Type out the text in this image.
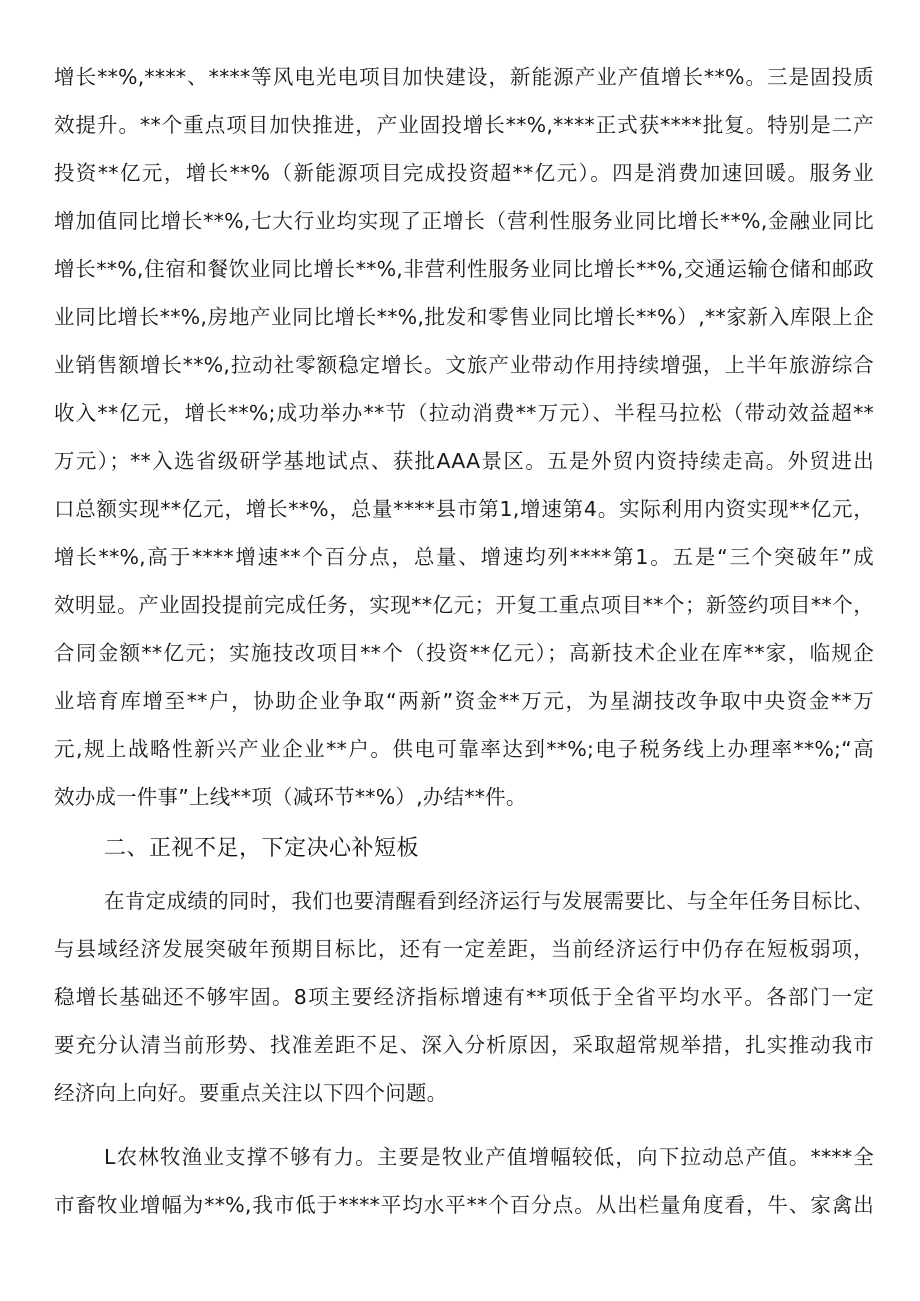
增长**%,****、****等风电光电项目加快建设，新能源产业产值增长**%。三是固投质
效提升。**个重点项目加快推进，产业固投增长**%,****正式获****批复。特别是二产
投资**亿元，增长**%（新能源项目完成投资超**亿元）。四是消费加速回暖。服务业
增加值同比增长**%,七大行业均实现了正增长（营利性服务业同比增长**%,金融业同比
增长**%,住宿和餐饮业同比增长**%,非营利性服务业同比增长**%,交通运输仓储和邮政
业同比增长**%,房地产业同比增长**%,批发和零售业同比增长**%）,**家新入库限上企
业销售额增长**%,拉动社零额稳定增长。文旅产业带动作用持续增强，上半年旅游综合
收入**亿元，增长**%;成功举办**节（拉动消费**万元）、半程马拉松（带动效益超**
万元）；**入选省级研学基地试点、获批AAA景区。五是外贸内资持续走高。外贸进出
口总额实现**亿元，增长**%，总量****县市第1,增速第4。实际利用内资实现**亿元，
增长**%,高于****增速**个百分点，总量、增速均列****第1。五是“三个突破年”成
效明显。产业固投提前完成任务，实现**亿元；开复工重点项目**个；新签约项目**个，
合同金额**亿元；实施技改项目**个（投资**亿元）；高新技术企业在库**家，临规企
业培育库增至**户，协助企业争取“两新”资金**万元，为星湖技改争取中央资金**万
元,规上战略性新兴产业企业**户。供电可靠率达到**%;电子税务线上办理率**%;“高
效办成一件事”上线**项（减环节**%）,办结**件。
二、正视不足，下定决心补短板
在肯定成绩的同时，我们也要清醒看到经济运行与发展需要比、与全年任务目标比、
与县域经济发展突破年预期目标比，还有一定差距，当前经济运行中仍存在短板弱项，
稳增长基础还不够牢固。8项主要经济指标增速有**项低于全省平均水平。各部门一定
要充分认清当前形势、找准差距不足、深入分析原因，采取超常规举措，扎实推动我市
经济向上向好。要重点关注以下四个问题。
L农林牧渔业支撑不够有力。主要是牧业产值增幅较低，向下拉动总产值。****全
市畜牧业增幅为**%,我市低于****平均水平**个百分点。从出栏量角度看，牛、家禽出
